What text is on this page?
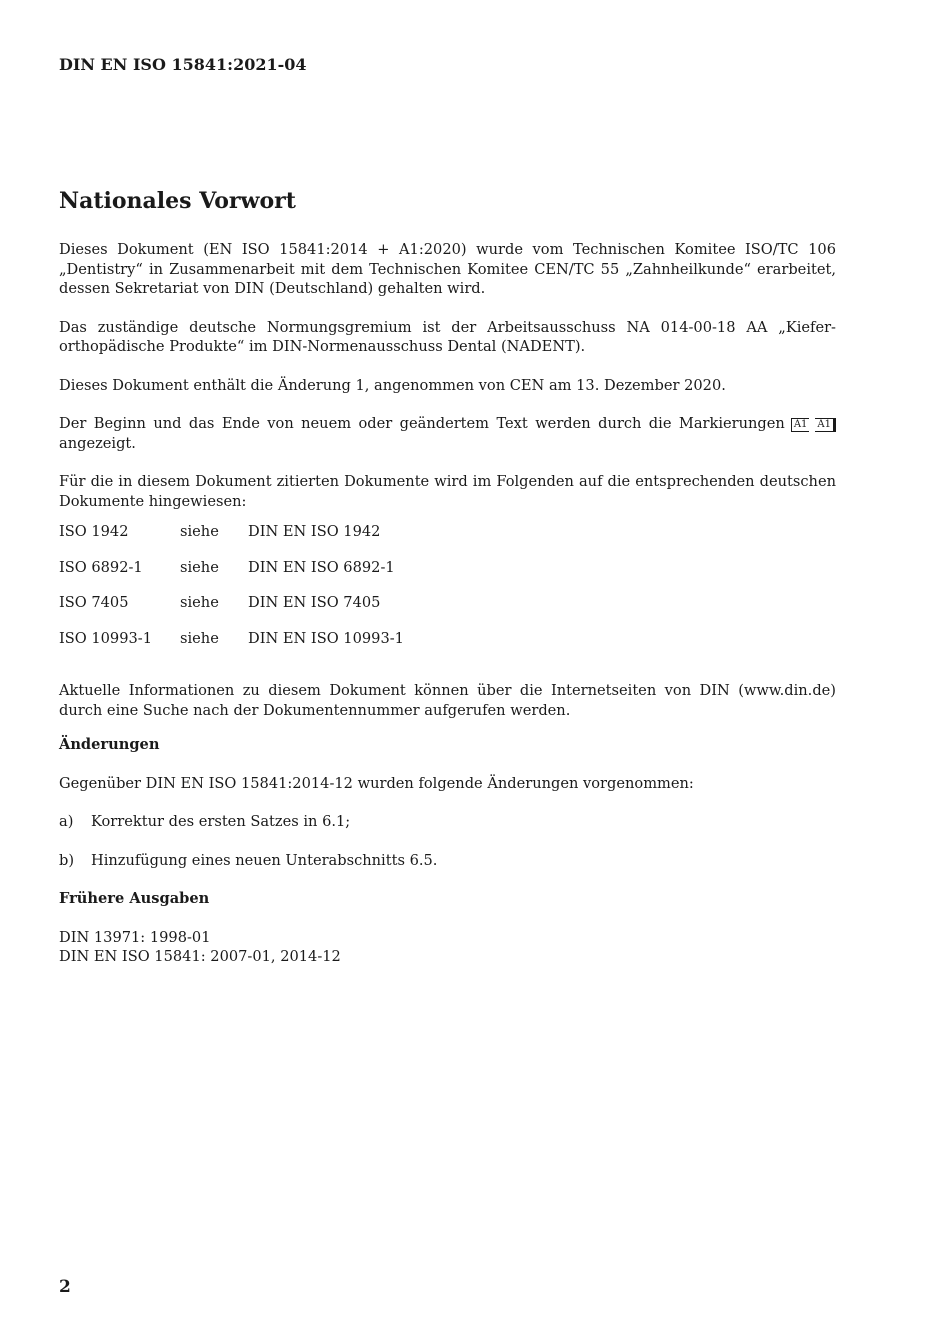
DIN EN ISO 15841:2021-04
Nationales Vorwort

Dieses Dokument (EN ISO 15841:2014 + A1:2020) wurde vom Technischen Komitee ISO/TC 106 „Dentistry“ in Zusammenarbeit mit dem Technischen Komitee CEN/TC 55 „Zahnheilkunde“ erarbeitet, dessen Sekretariat von DIN (Deutschland) gehalten wird.

Das zuständige deutsche Normungsgremium ist der Arbeitsausschuss NA 014-00-18 AA „Kiefer-orthopädische Produkte“ im DIN-Normenausschuss Dental (NADENT).

Dieses Dokument enthält die Änderung 1, angenommen von CEN am 13. Dezember 2020.

Der Beginn und das Ende von neuem oder geändertem Text werden durch die Markierungen A1 A1 angezeigt.

Für die in diesem Dokument zitierten Dokumente wird im Folgenden auf die entsprechenden deutschen Dokumente hingewiesen:

ISO 1942	siehe	DIN EN ISO 1942
ISO 6892-1	siehe	DIN EN ISO 6892-1
ISO 7405	siehe	DIN EN ISO 7405
ISO 10993-1	siehe	DIN EN ISO 10993-1

Aktuelle Informationen zu diesem Dokument können über die Internetseiten von DIN (www.din.de) durch eine Suche nach der Dokumentennummer aufgerufen werden.

Änderungen

Gegenüber DIN EN ISO 15841:2014-12 wurden folgende Änderungen vorgenommen:

a)	Korrektur des ersten Satzes in 6.1;
b)	Hinzufügung eines neuen Unterabschnitts 6.5.
Frühere Ausgaben
DIN 13971: 1998-01
DIN EN ISO 15841: 2007-01, 2014-12
2
